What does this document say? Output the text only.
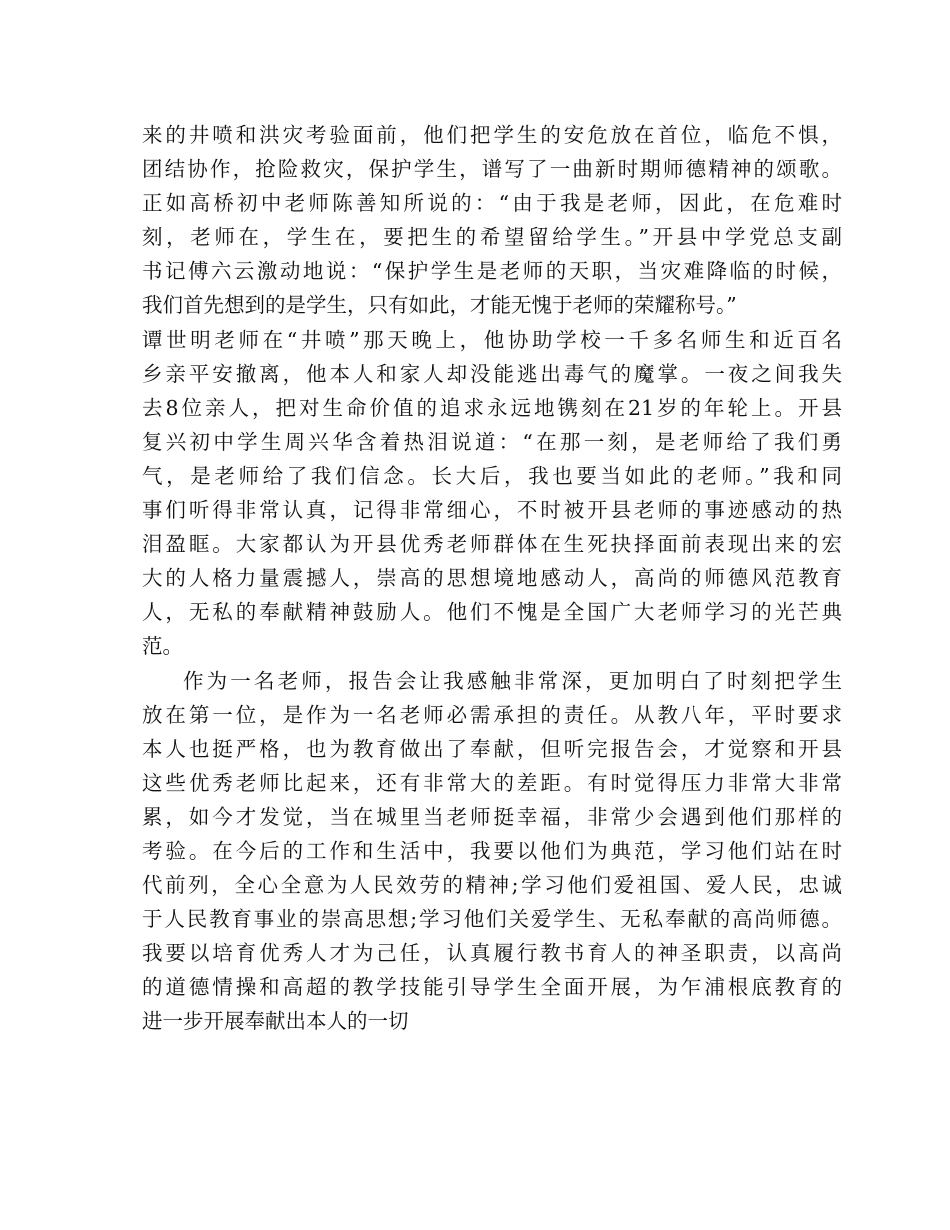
来的井喷和洪灾考验面前，他们把学生的安危放在首位，临危不惧，
团结协作，抢险救灾，保护学生，谱写了一曲新时期师德精神的颂歌。
正如高桥初中老师陈善知所说的：“由于我是老师，因此，在危难时
刻，老师在，学生在，要把生的希望留给学生。”开县中学党总支副
书记傅六云激动地说：“保护学生是老师的天职，当灾难降临的时候，
我们首先想到的是学生，只有如此，才能无愧于老师的荣耀称号。”
谭世明老师在“井喷”那天晚上，他协助学校一千多名师生和近百名
乡亲平安撤离，他本人和家人却没能逃出毒气的魔掌。一夜之间我失
去8位亲人，把对生命价值的追求永远地镌刻在21岁的年轮上。开县
复兴初中学生周兴华含着热泪说道：“在那一刻，是老师给了我们勇
气，是老师给了我们信念。长大后，我也要当如此的老师。”我和同
事们听得非常认真，记得非常细心，不时被开县老师的事迹感动的热
泪盈眶。大家都认为开县优秀老师群体在生死抉择面前表现出来的宏
大的人格力量震撼人，崇高的思想境地感动人，高尚的师德风范教育
人，无私的奉献精神鼓励人。他们不愧是全国广大老师学习的光芒典
范。
作为一名老师，报告会让我感触非常深，更加明白了时刻把学生
放在第一位，是作为一名老师必需承担的责任。从教八年，平时要求
本人也挺严格，也为教育做出了奉献，但听完报告会，才觉察和开县
这些优秀老师比起来，还有非常大的差距。有时觉得压力非常大非常
累，如今才发觉，当在城里当老师挺幸福，非常少会遇到他们那样的
考验。在今后的工作和生活中，我要以他们为典范，学习他们站在时
代前列，全心全意为人民效劳的精神;学习他们爱祖国、爱人民，忠诚
于人民教育事业的崇高思想;学习他们关爱学生、无私奉献的高尚师德。
我要以培育优秀人才为己任，认真履行教书育人的神圣职责，以高尚
的道德情操和高超的教学技能引导学生全面开展，为乍浦根底教育的
进一步开展奉献出本人的一切
